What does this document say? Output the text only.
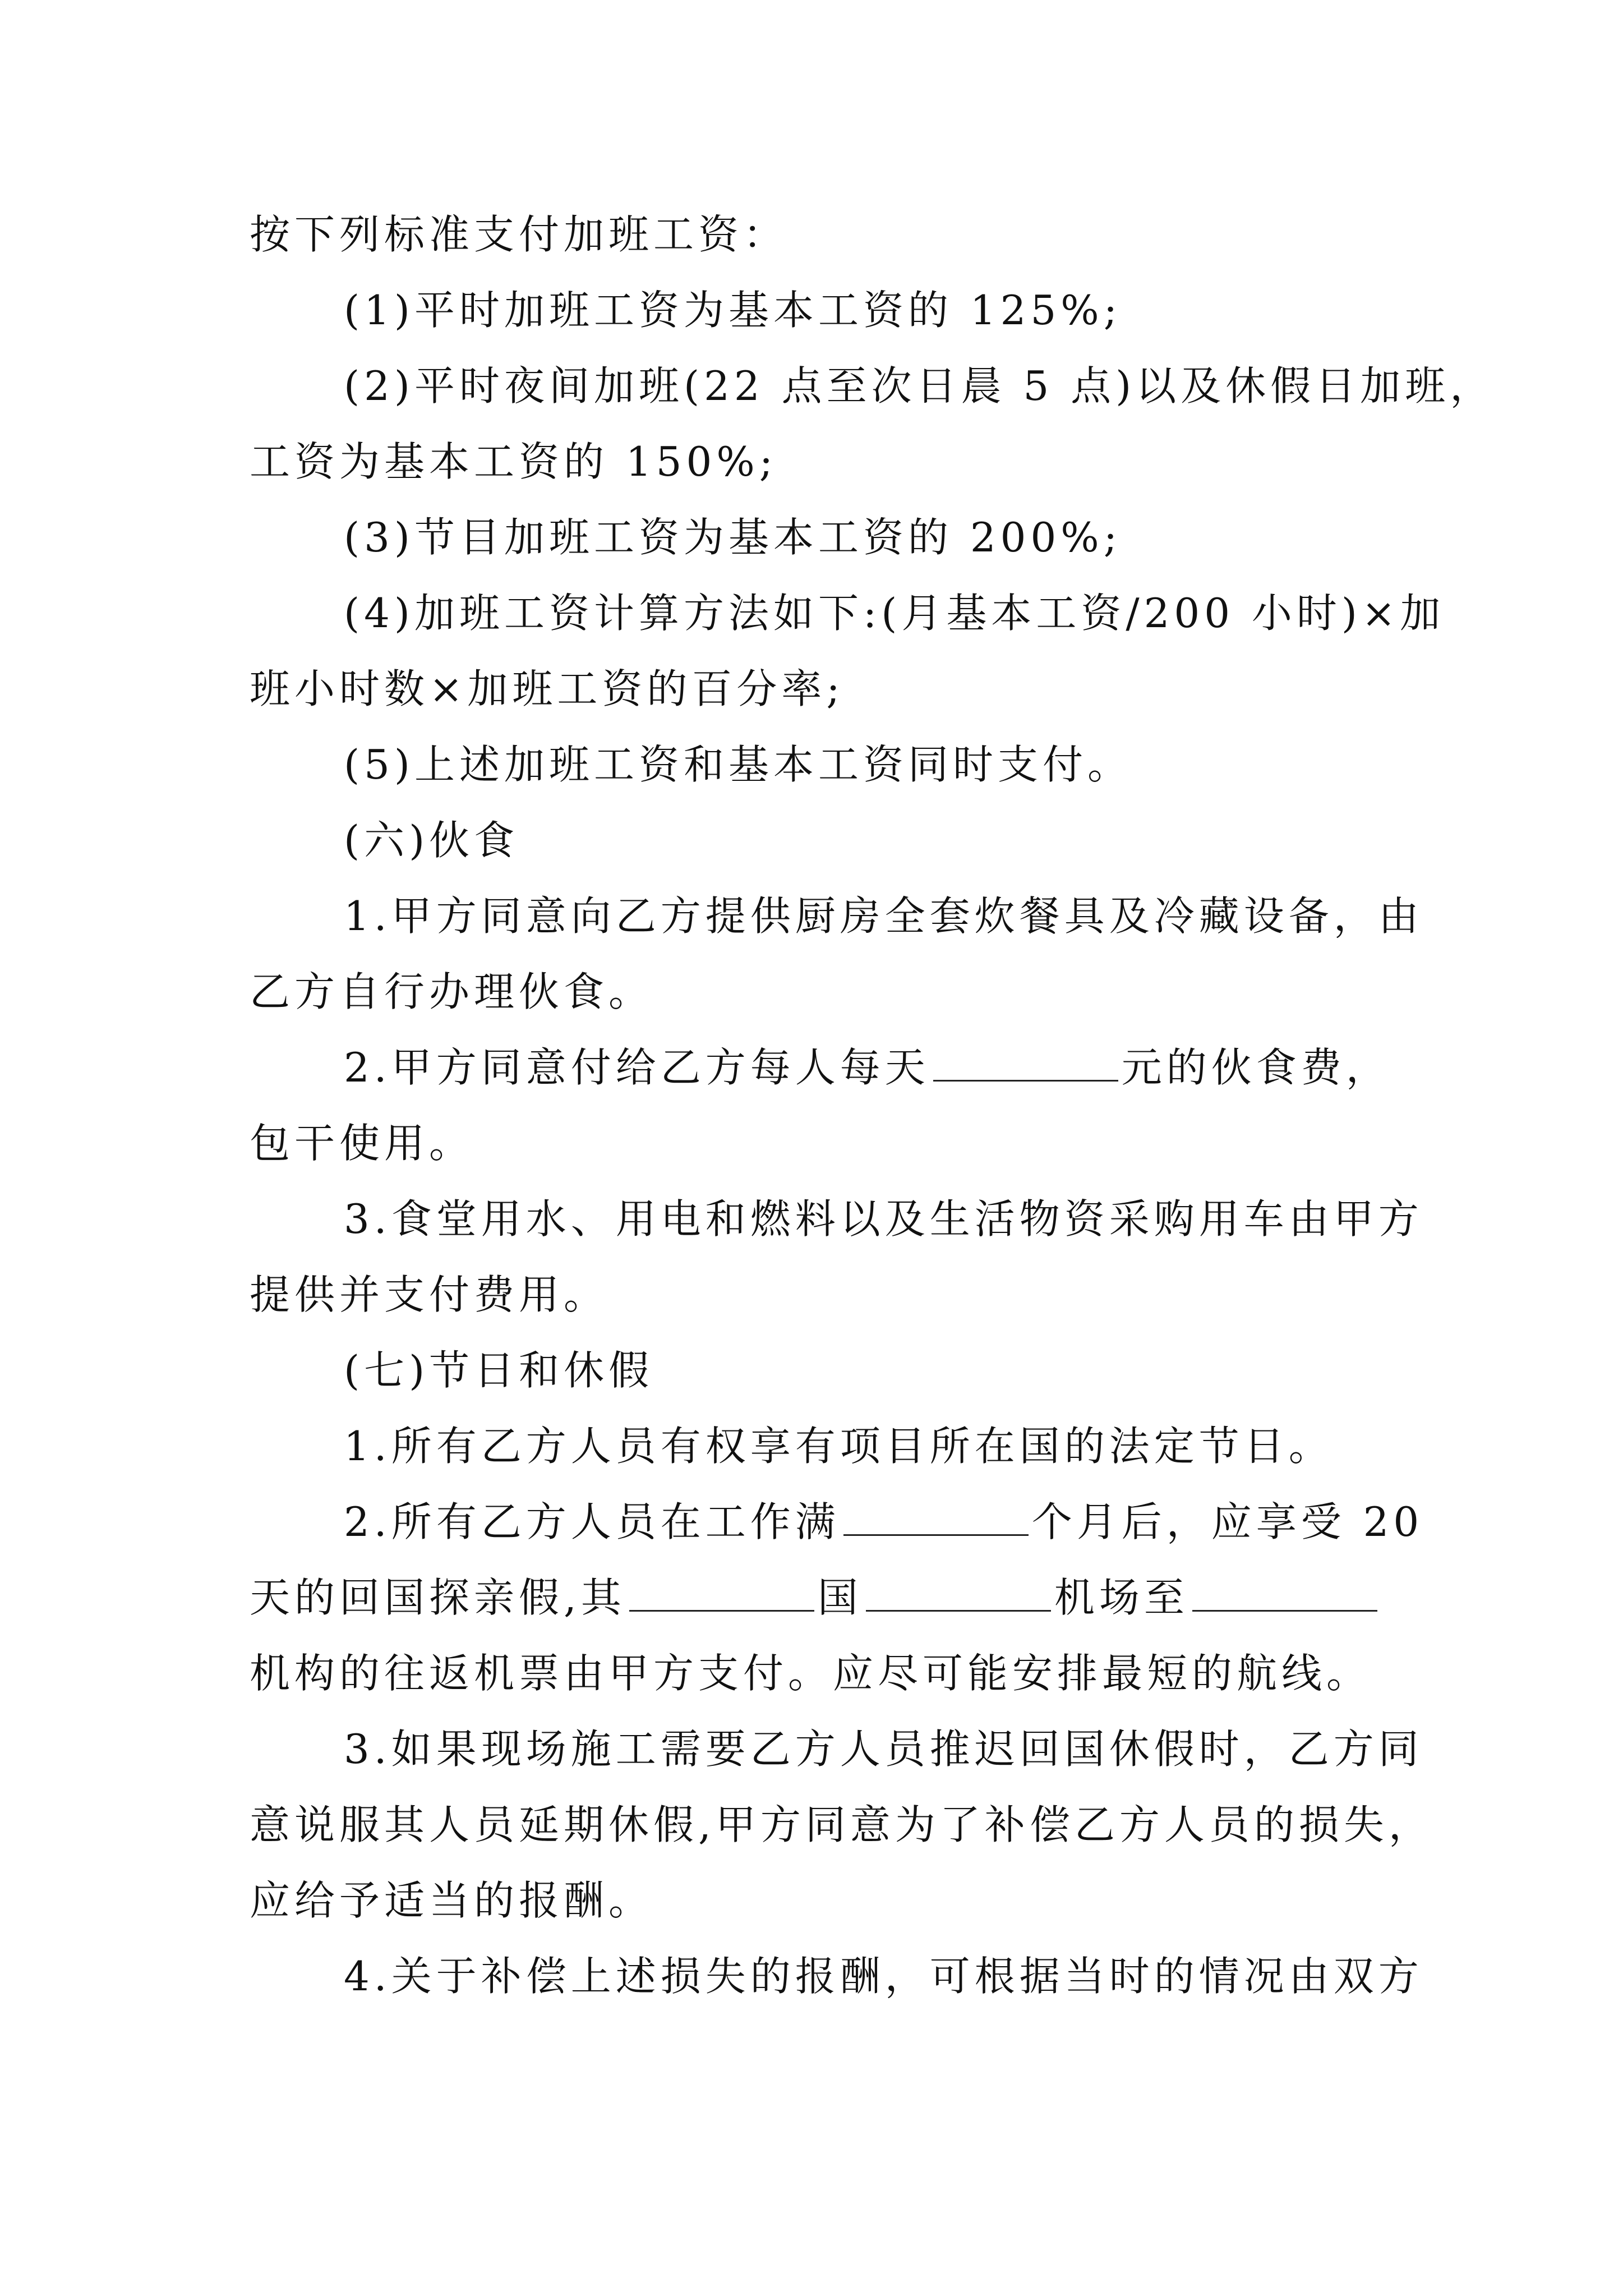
按下列标准支付加班工资：
(1)平时加班工资为基本工资的 125%;
(2)平时夜间加班(22 点至次日晨 5 点)以及休假日加班，
工资为基本工资的 150%;
(3)节目加班工资为基本工资的 200%;
(4)加班工资计算方法如下:(月基本工资/200 小时)×加
班小时数×加班工资的百分率;
(5)上述加班工资和基本工资同时支付。
(六)伙食
1.甲方同意向乙方提供厨房全套炊餐具及冷藏设备，由
乙方自行办理伙食。
2.甲方同意付给乙方每人每天	元的伙食费，
包干使用。
3.食堂用水、用电和燃料以及生活物资采购用车由甲方
提供并支付费用。
(七)节日和休假
1.所有乙方人员有权享有项目所在国的法定节日。
2.所有乙方人员在工作满	个月后，应享受 20
天的回国探亲假,其	国	机场至
机构的往返机票由甲方支付。应尽可能安排最短的航线。
3.如果现场施工需要乙方人员推迟回国休假时，乙方同
意说服其人员延期休假,甲方同意为了补偿乙方人员的损失，
应给予适当的报酬。
4.关于补偿上述损失的报酬，可根据当时的情况由双方
